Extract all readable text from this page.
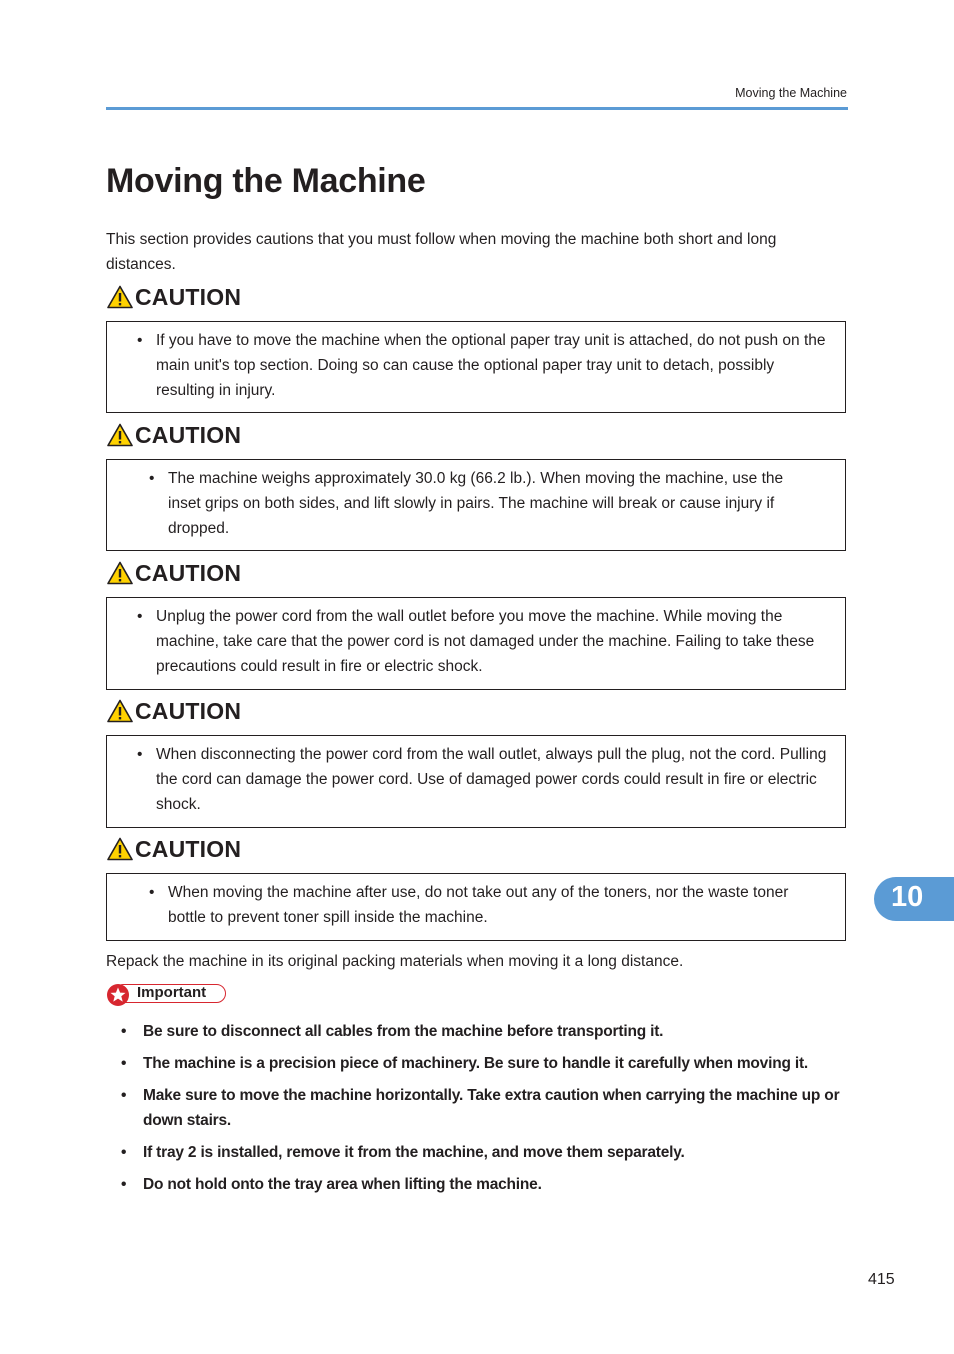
Moving the Machine
Moving the Machine

This section provides cautions that you must follow when moving the machine both short and long distances.

CAUTION
• If you have to move the machine when the optional paper tray unit is attached, do not push on the main unit's top section. Doing so can cause the optional paper tray unit to detach, possibly resulting in injury.
CAUTION
• The machine weighs approximately 30.0 kg (66.2 lb.). When moving the machine, use the inset grips on both sides, and lift slowly in pairs. The machine will break or cause injury if dropped.
CAUTION
• Unplug the power cord from the wall outlet before you move the machine. While moving the machine, take care that the power cord is not damaged under the machine. Failing to take these precautions could result in fire or electric shock.
CAUTION
• When disconnecting the power cord from the wall outlet, always pull the plug, not the cord. Pulling the cord can damage the power cord. Use of damaged power cords could result in fire or electric shock.
CAUTION
• When moving the machine after use, do not take out any of the toners, nor the waste toner bottle to prevent toner spill inside the machine.
10

Repack the machine in its original packing materials when moving it a long distance.

Important
• Be sure to disconnect all cables from the machine before transporting it.
• The machine is a precision piece of machinery. Be sure to handle it carefully when moving it.
• Make sure to move the machine horizontally. Take extra caution when carrying the machine up or down stairs.
• If tray 2 is installed, remove it from the machine, and move them separately.
• Do not hold onto the tray area when lifting the machine.
415
